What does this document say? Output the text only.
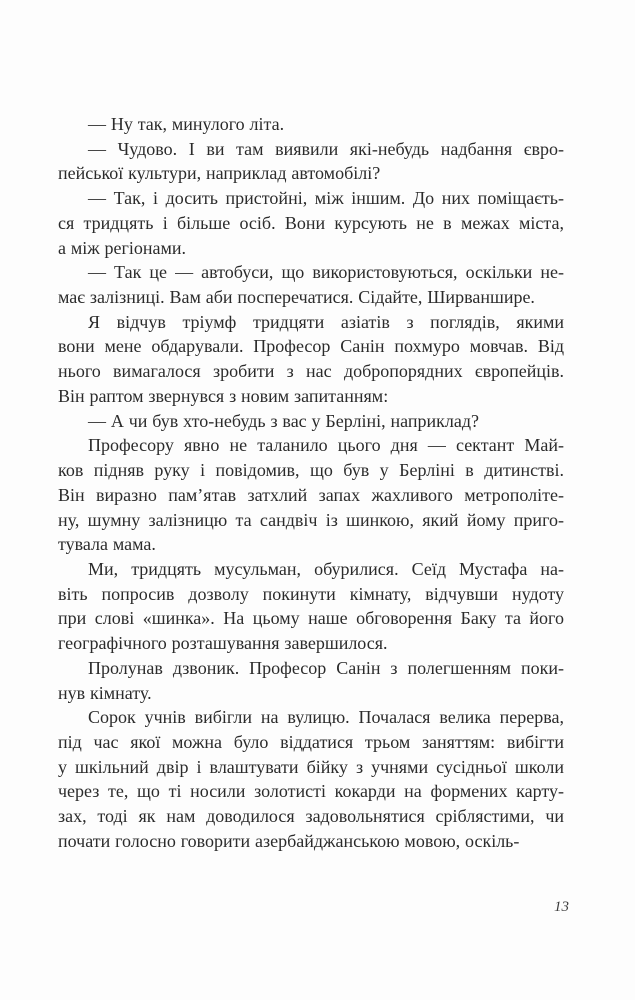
— Ну так, минулого літа.

— Чудово. І ви там виявили які-небудь надбання євро-
пейської культури, наприклад автомобілі?

— Так, і досить пристойні, між іншим. До них поміщаєть-
ся тридцять і більше осіб. Вони курсують не в межах міста,
а між регіонами.

— Так це — автобуси, що використовуються, оскільки не-
має залізниці. Вам аби посперечатися. Сідайте, Ширваншире.

Я відчув тріумф тридцяти азіатів з поглядів, якими
вони мене обдарували. Професор Санін похмуро мовчав. Від
нього вимагалося зробити з нас добропорядних європейців.
Він раптом звернувся з новим запитанням:

— А чи був хто-небудь з вас у Берліні, наприклад?

Професору явно не таланило цього дня — сектант Май-
ков підняв руку і повідомив, що був у Берліні в дитинстві.
Він виразно пам’ятав затхлий запах жахливого метрополіте-
ну, шумну залізницю та сандвіч із шинкою, який йому приго-
тувала мама.

Ми, тридцять мусульман, обурилися. Сеїд Мустафа на-
віть попросив дозволу покинути кімнату, відчувши нудоту
при слові «шинка». На цьому наше обговорення Баку та його
географічного розташування завершилося.

Пролунав дзвоник. Професор Санін з полегшенням поки-
нув кімнату.

Сорок учнів вибігли на вулицю. Почалася велика перерва,
під час якої можна було віддатися трьом заняттям: вибігти
у шкільний двір і влаштувати бійку з учнями сусідньої школи
через те, що ті носили золотисті кокарди на формених карту-
зах, тоді як нам доводилося задовольнятися сріблястими, чи
почати голосно говорити азербайджанською мовою, оскіль-

13
